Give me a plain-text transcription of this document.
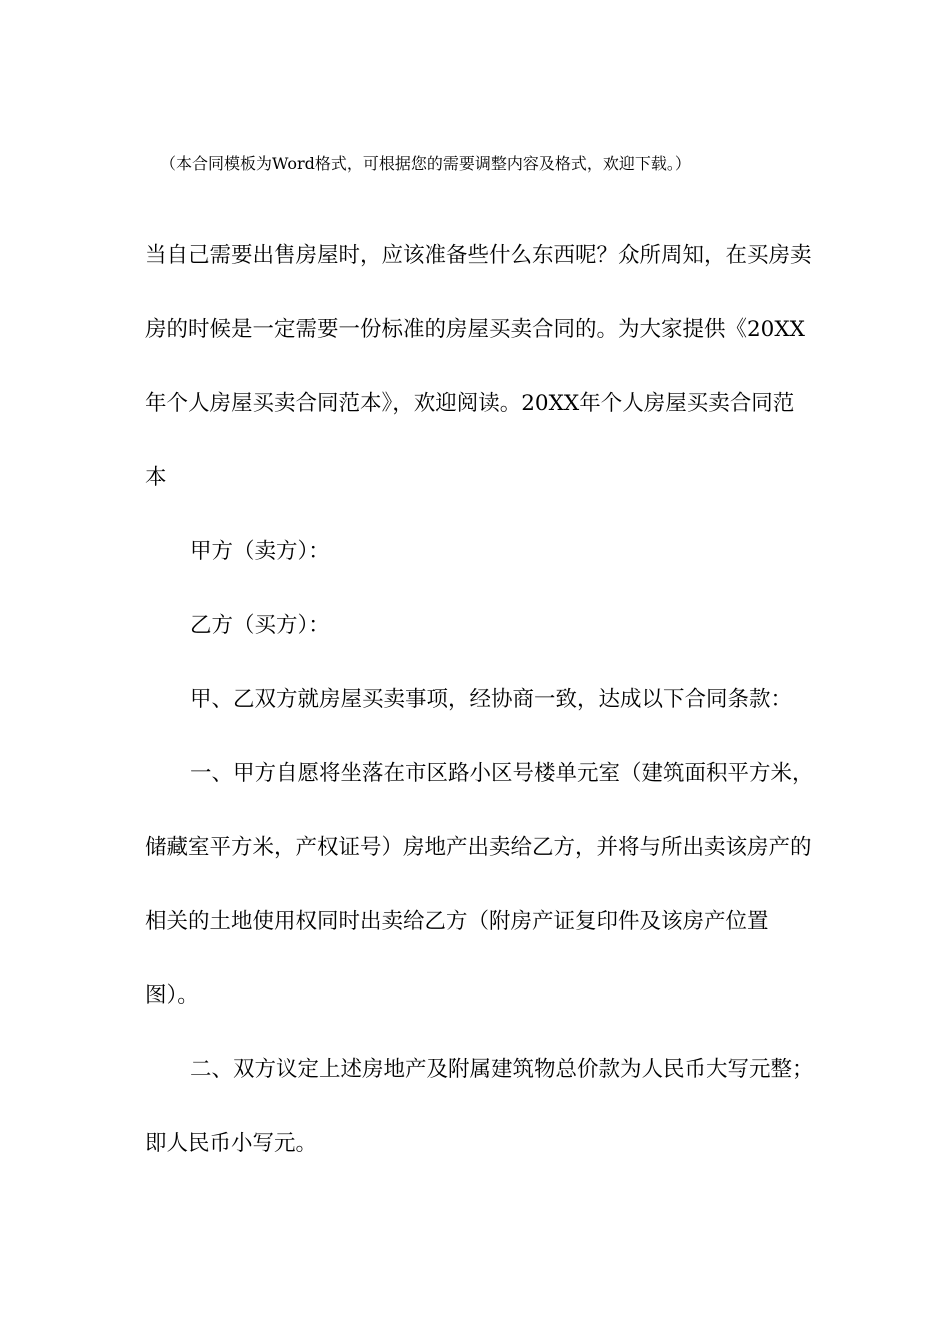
（本合同模板为Word格式，可根据您的需要调整内容及格式，欢迎下载。）

当自己需要出售房屋时，应该准备些什么东西呢？众所周知，在买房卖房的时候是一定需要一份标准的房屋买卖合同的。为大家提供《20XX年个人房屋买卖合同范本》，欢迎阅读。20XX年个人房屋买卖合同范本

甲方（卖方）：

乙方（买方）：

甲、乙双方就房屋买卖事项，经协商一致，达成以下合同条款：

一、甲方自愿将坐落在市区路小区号楼单元室（建筑面积平方米，储藏室平方米，产权证号）房地产出卖给乙方，并将与所出卖该房产的相关的土地使用权同时出卖给乙方（附房产证复印件及该房产位置图）。

二、双方议定上述房地产及附属建筑物总价款为人民币大写元整；即人民币小写元。
